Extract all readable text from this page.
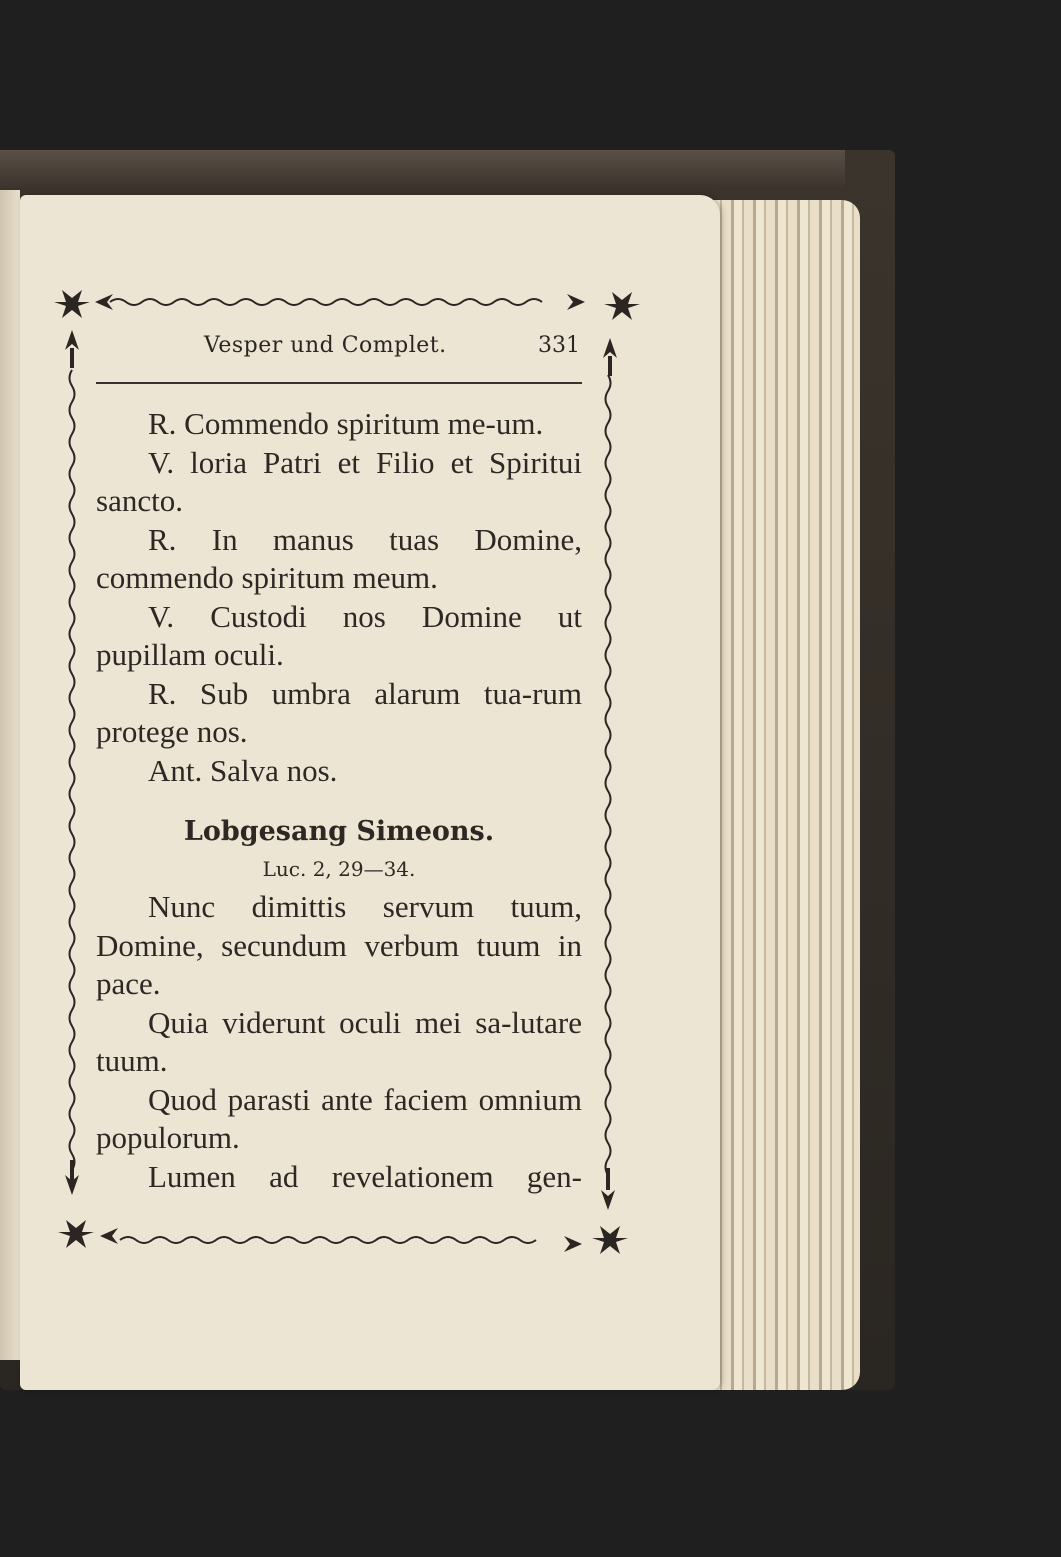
Vesper und Complet.	331

R. Commendo spiritum me-um.

V. loria Patri et Filio et Spiritui sancto.

R. In manus tuas Domine, commendo spiritum meum.

V. Custodi nos Domine ut pupillam oculi.

R. Sub umbra alarum tua-rum protege nos.

Ant. Salva nos.

Lobgesang Simeons.
Luc. 2, 29—34.

Nunc dimittis servum tuum, Domine, secundum verbum tuum in pace.

Quia viderunt oculi mei sa-lutare tuum.

Quod parasti ante faciem omnium populorum.

Lumen ad revelationem gen-
